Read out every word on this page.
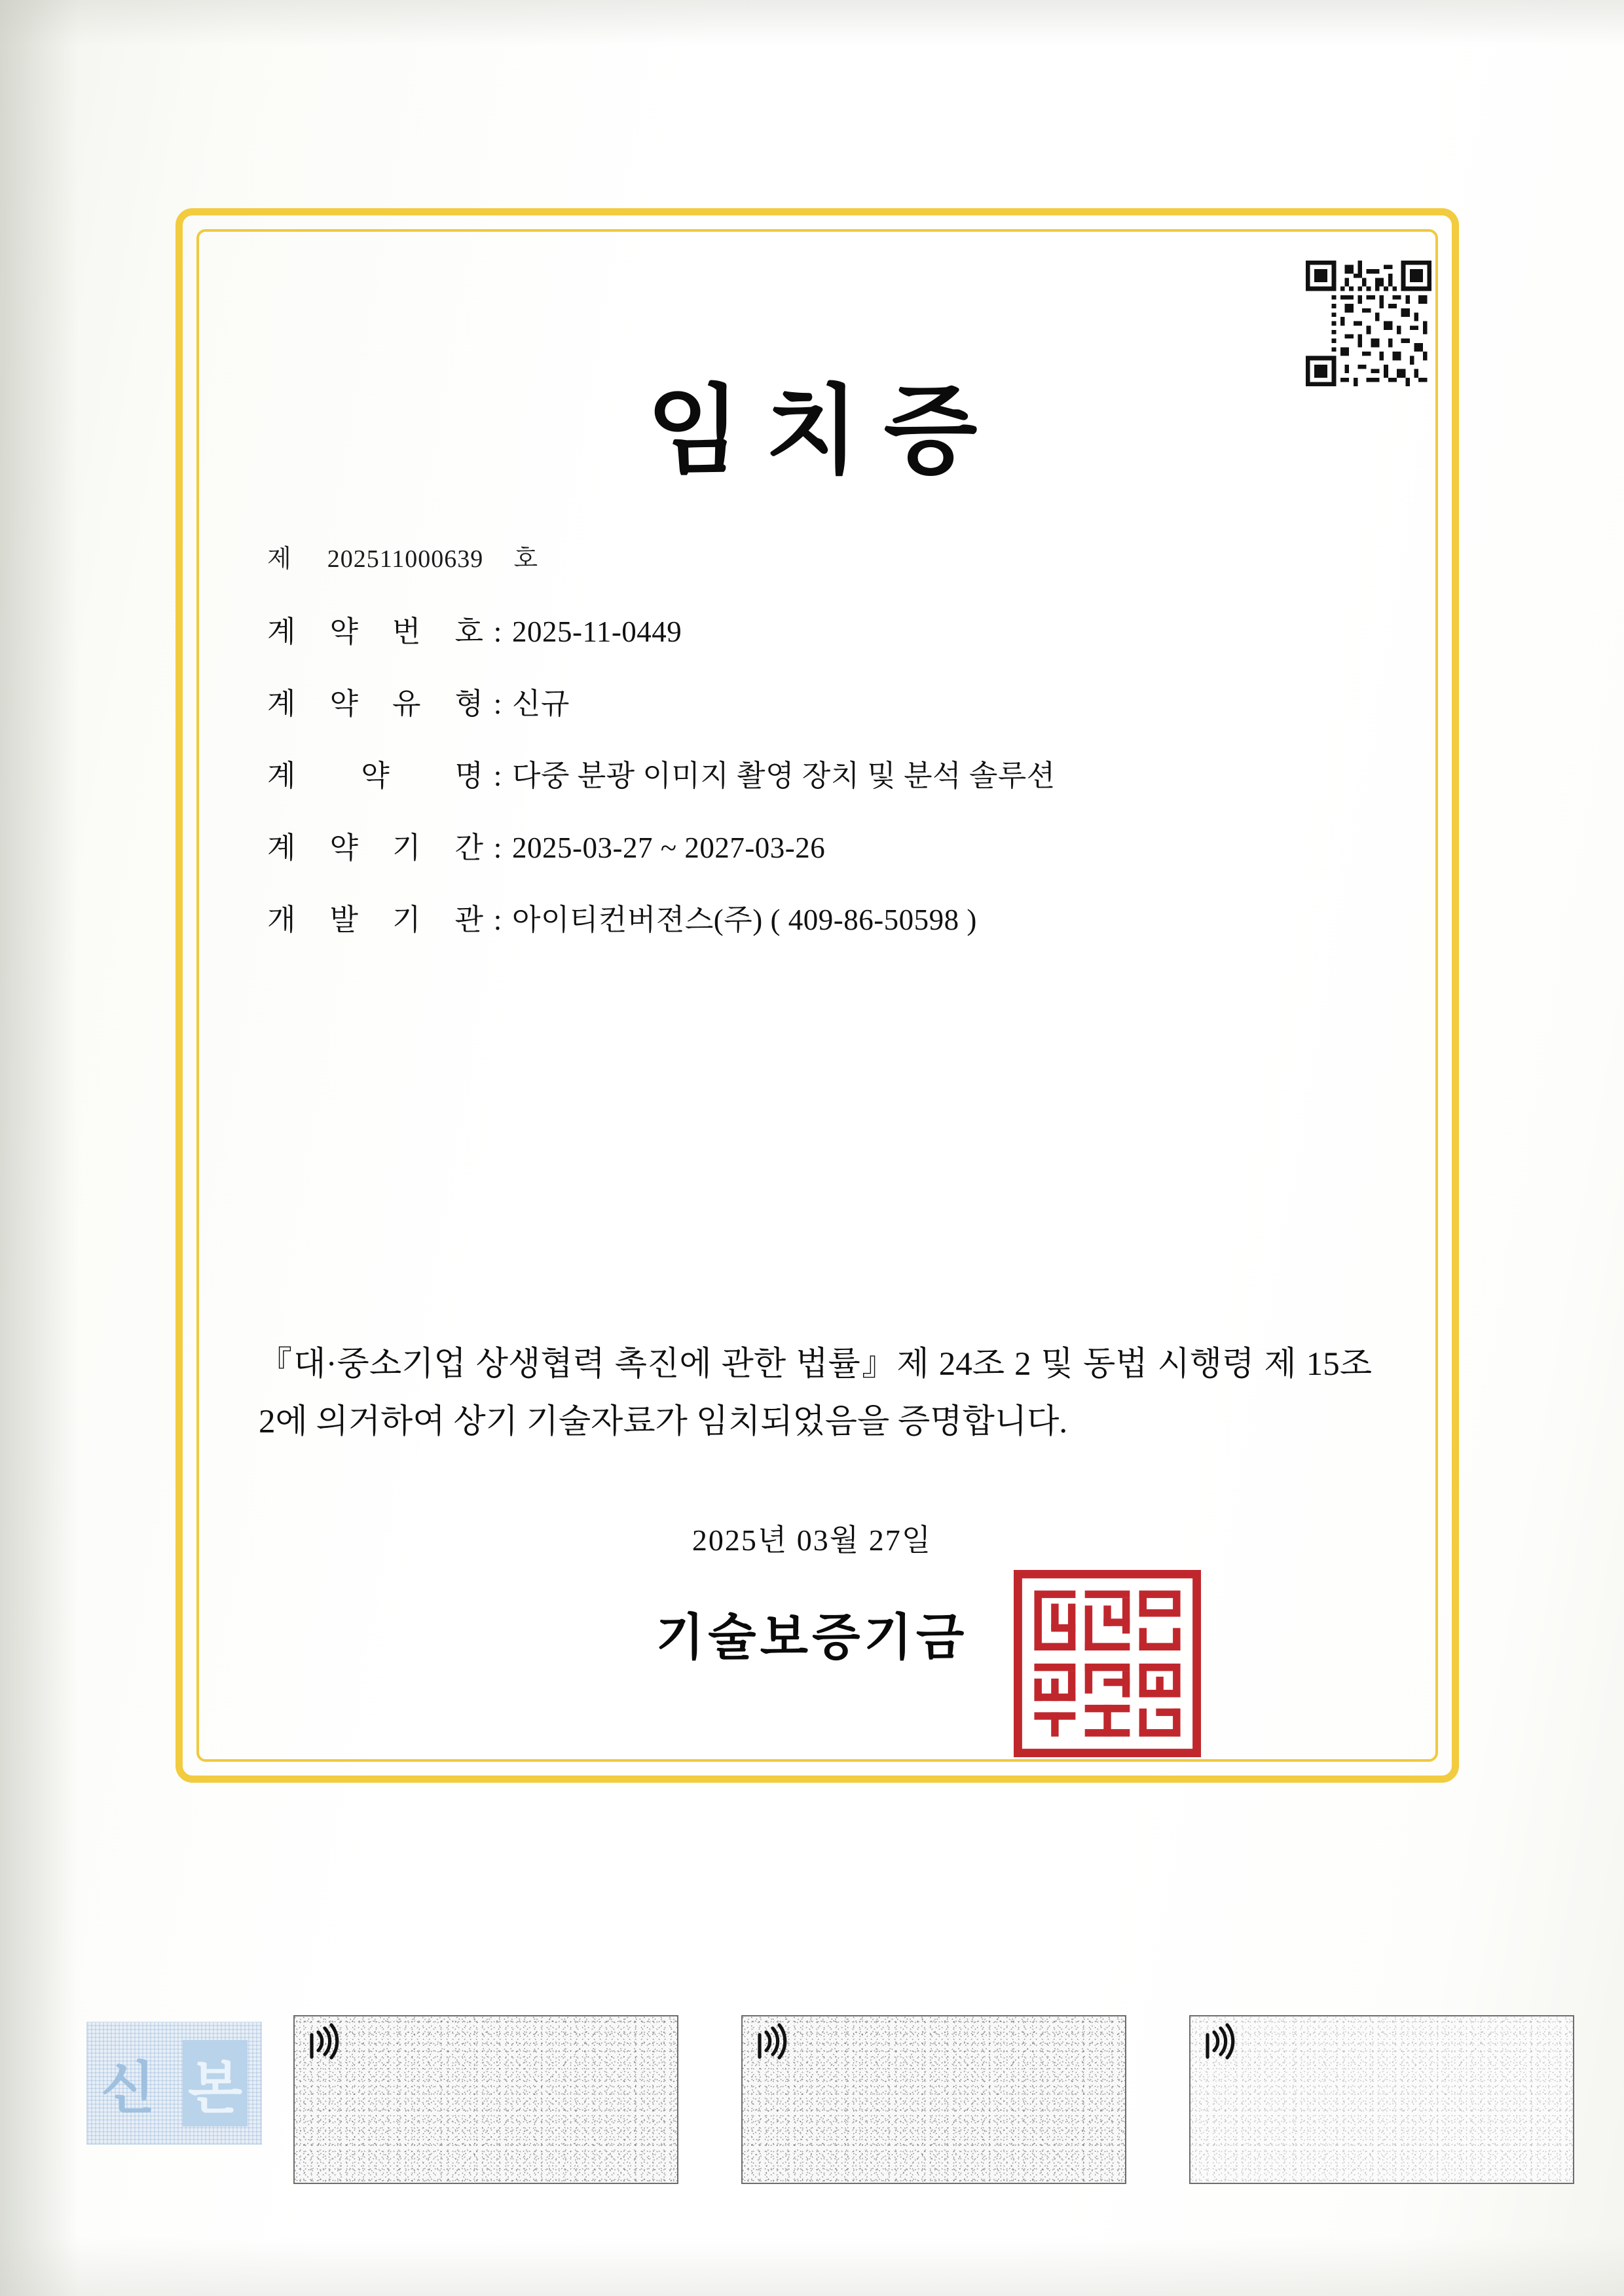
임치증
제 202511000639 호
계 약 번 호 : 2025-11-0449
계 약 유 형 : 신규
계 약 명 : 다중 분광 이미지 촬영 장치 및 분석 솔루션
계 약 기 간 : 2025-03-27 ~ 2027-03-26
개 발 기 관 : 아이티컨버젼스(주) ( 409-86-50598 )
『대·중소기업 상생협력 촉진에 관한 법률』제 24조 2 및 동법 시행령 제 15조 2에 의거하여 상기 기술자료가 임치되었음을 증명합니다.
2025년 03월 27일
기술보증기금
신 본
